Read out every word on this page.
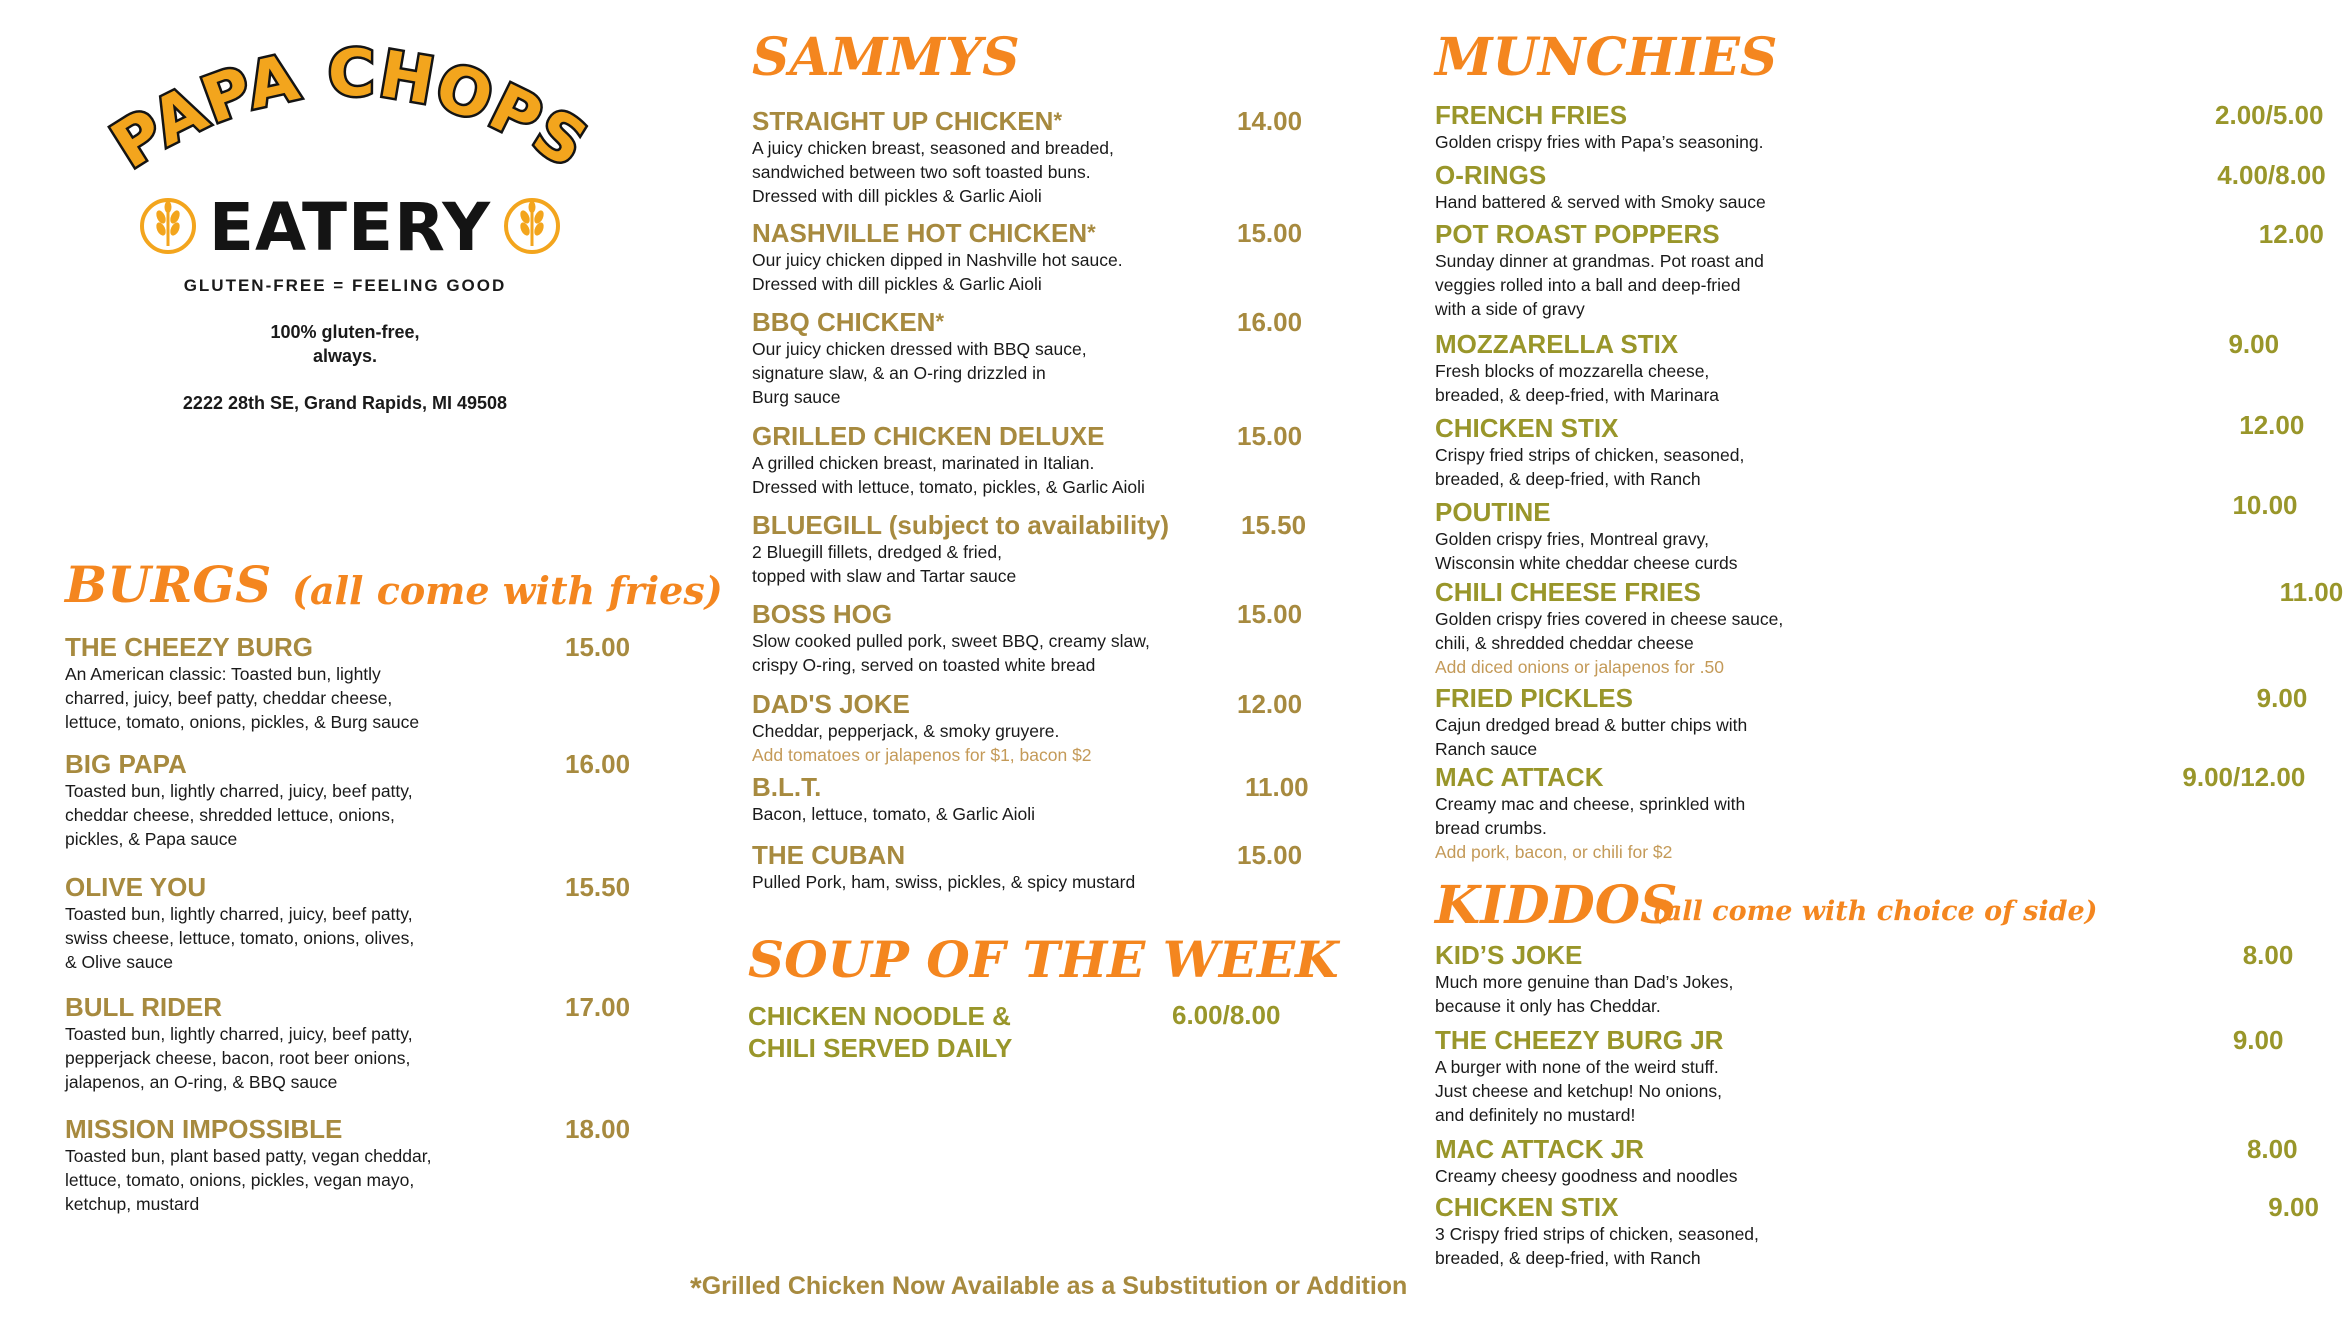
PAPA CHOPS
EATERY
GLUTEN-FREE = FEELING GOOD
100% gluten-free,
always.
2222 28th SE, Grand Rapids, MI 49508
BURGS (all come with fries)
THE CHEEZY BURG	15.00
An American classic: Toasted bun, lightly
charred, juicy, beef patty, cheddar cheese,
lettuce, tomato, onions, pickles, & Burg sauce
BIG PAPA	16.00
Toasted bun, lightly charred, juicy, beef patty,
cheddar cheese, shredded lettuce, onions,
pickles, & Papa sauce
OLIVE YOU	15.50
Toasted bun, lightly charred, juicy, beef patty,
swiss cheese, lettuce, tomato, onions, olives,
& Olive sauce
BULL RIDER	17.00
Toasted bun, lightly charred, juicy, beef patty,
pepperjack cheese, bacon, root beer onions,
jalapenos, an O-ring, & BBQ sauce
MISSION IMPOSSIBLE	18.00
Toasted bun, plant based patty, vegan cheddar,
lettuce, tomato, onions, pickles, vegan mayo,
ketchup, mustard
SAMMYS
STRAIGHT UP CHICKEN*	14.00
A juicy chicken breast, seasoned and breaded,
sandwiched between two soft toasted buns.
Dressed with dill pickles & Garlic Aioli
NASHVILLE HOT CHICKEN*	15.00
Our juicy chicken dipped in Nashville hot sauce.
Dressed with dill pickles & Garlic Aioli
BBQ CHICKEN*	16.00
Our juicy chicken dressed with BBQ sauce,
signature slaw, & an O-ring drizzled in
Burg sauce
GRILLED CHICKEN DELUXE	15.00
A grilled chicken breast, marinated in Italian.
Dressed with lettuce, tomato, pickles, & Garlic Aioli
BLUEGILL (subject to availability)	15.50
2 Bluegill fillets, dredged & fried,
topped with slaw and Tartar sauce
BOSS HOG	15.00
Slow cooked pulled pork, sweet BBQ, creamy slaw,
crispy O-ring, served on toasted white bread
DAD'S JOKE	12.00
Cheddar, pepperjack, & smoky gruyere.
Add tomatoes or jalapenos for $1, bacon $2
B.L.T.	11.00
Bacon, lettuce, tomato, & Garlic Aioli
THE CUBAN	15.00
Pulled Pork, ham, swiss, pickles, & spicy mustard
SOUP OF THE WEEK
CHICKEN NOODLE &
CHILI SERVED DAILY
6.00/8.00
MUNCHIES
FRENCH FRIES	2.00/5.00
Golden crispy fries with Papa’s seasoning.
O-RINGS	4.00/8.00
Hand battered & served with Smoky sauce
POT ROAST POPPERS	12.00
Sunday dinner at grandmas. Pot roast and
veggies rolled into a ball and deep-fried
with a side of gravy
MOZZARELLA STIX	9.00
Fresh blocks of mozzarella cheese,
breaded, & deep-fried, with Marinara
CHICKEN STIX	12.00
Crispy fried strips of chicken, seasoned,
breaded, & deep-fried, with Ranch
POUTINE	10.00
Golden crispy fries, Montreal gravy,
Wisconsin white cheddar cheese curds
CHILI CHEESE FRIES	11.00
Golden crispy fries covered in cheese sauce,
chili, & shredded cheddar cheese
Add diced onions or jalapenos for .50
FRIED PICKLES	9.00
Cajun dredged bread & butter chips with
Ranch sauce
MAC ATTACK	9.00/12.00
Creamy mac and cheese, sprinkled with
bread crumbs.
Add pork, bacon, or chili for $2
KIDDOS
(all come with choice of side)
KID’S JOKE	8.00
Much more genuine than Dad’s Jokes,
because it only has Cheddar.
THE CHEEZY BURG JR	9.00
A burger with none of the weird stuff.
Just cheese and ketchup! No onions,
and definitely no mustard!
MAC ATTACK JR	8.00
Creamy cheesy goodness and noodles
CHICKEN STIX	9.00
3 Crispy fried strips of chicken, seasoned,
breaded, & deep-fried, with Ranch
*Grilled Chicken Now Available as a Substitution or Addition
